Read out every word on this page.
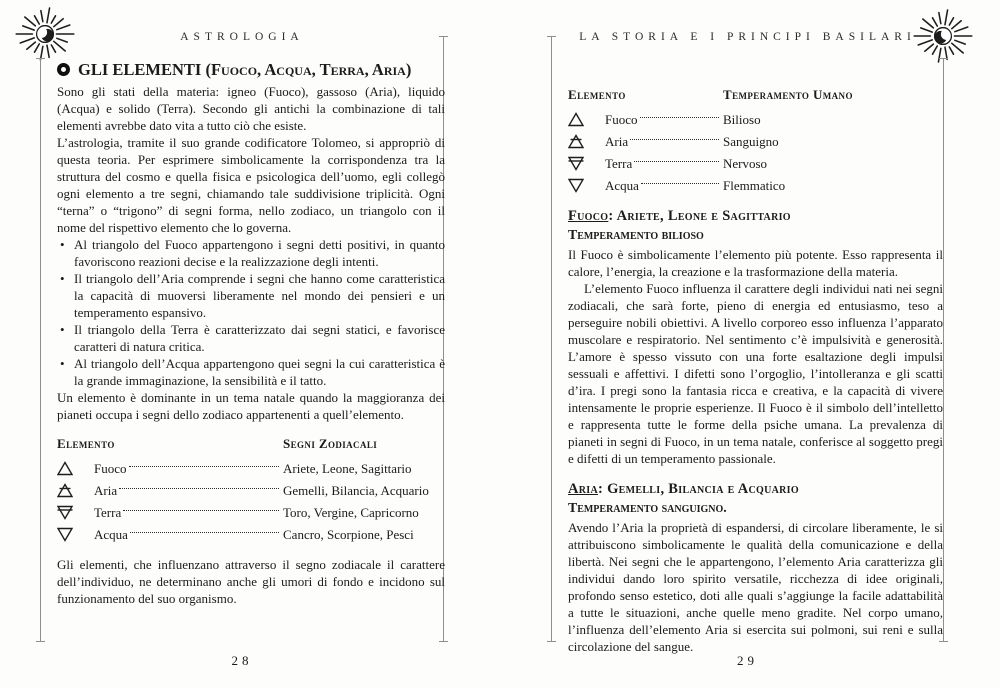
ASTROLOGIA	LA STORIA E I PRINCIPI BASILARI
GLI ELEMENTI (Fuoco, Acqua, Terra, Aria)

Sono gli stati della materia: igneo (Fuoco), gassoso (Aria), liquido (Acqua) e solido (Terra). Secondo gli antichi la combinazione di tali elementi avrebbe dato vita a tutto ciò che esiste.

L’astrologia, tramite il suo grande codificatore Tolomeo, si appropriò di questa teoria. Per esprimere simbolicamente la corrispondenza tra la struttura del cosmo e quella fisica e psicologica dell’uomo, egli collegò ogni elemento a tre segni, chiamando tale suddivisione triplicità. Ogni “terna” o “trigono” di segni forma, nello zodiaco, un triangolo con il nome del rispettivo elemento che lo governa.

• Al triangolo del Fuoco appartengono i segni detti positivi, in quanto favoriscono reazioni decise e la realizzazione degli intenti.
• Il triangolo dell’Aria comprende i segni che hanno come caratteristica la capacità di muoversi liberamente nel mondo dei pensieri e un temperamento espansivo.
• Il triangolo della Terra è caratterizzato dai segni statici, e favorisce caratteri di natura critica.
• Al triangolo dell’Acqua appartengono quei segni la cui caratteristica è la grande immaginazione, la sensibilità e il tatto.

Un elemento è dominante in un tema natale quando la maggioranza dei pianeti occupa i segni dello zodiaco appartenenti a quell’elemento.

Elemento	Segni Zodiacali
Fuoco	Ariete, Leone, Sagittario
Aria	Gemelli, Bilancia, Acquario
Terra	Toro, Vergine, Capricorno
Acqua	Cancro, Scorpione, Pesci

Gli elementi, che influenzano attraverso il segno zodiacale il carattere dell’individuo, ne determinano anche gli umori di fondo e incidono sul funzionamento del suo organismo.

28
Elemento	Temperamento Umano
Fuoco	Bilioso
Aria	Sanguigno
Terra	Nervoso
Acqua	Flemmatico
Fuoco: Ariete, Leone e Sagittario
Temperamento bilioso

Il Fuoco è simbolicamente l’elemento più potente. Esso rappresenta il calore, l’energia, la creazione e la trasformazione della materia.

L’elemento Fuoco influenza il carattere degli individui nati nei segni zodiacali, che sarà forte, pieno di energia ed entusiasmo, teso a perseguire nobili obiettivi. A livello corporeo esso influenza l’apparato muscolare e respiratorio. Nel sentimento c’è impulsività e generosità. L’amore è spesso vissuto con una forte esaltazione degli impulsi sessuali e affettivi. I difetti sono l’orgoglio, l’intolleranza e gli scatti d’ira. I pregi sono la fantasia ricca e creativa, e la capacità di vivere intensamente le proprie esperienze. Il Fuoco è il simbolo dell’intelletto e rappresenta tutte le forme della psiche umana. La prevalenza di pianeti in segni di Fuoco, in un tema natale, conferisce al soggetto pregi e difetti di un temperamento passionale.

Aria: Gemelli, Bilancia e Acquario
Temperamento sanguigno.

Avendo l’Aria la proprietà di espandersi, di circolare liberamente, le si attribuiscono simbolicamente le qualità della comunicazione e della libertà. Nei segni che le appartengono, l’elemento Aria caratterizza gli individui dando loro spirito versatile, ricchezza di idee originali, profondo senso estetico, doti alle quali s’aggiunge la facile adattabilità a tutte le situazioni, anche quelle meno gradite. Nel corpo umano, l’influenza dell’elemento Aria si esercita sui polmoni, sui reni e sulla circolazione del sangue.

29
